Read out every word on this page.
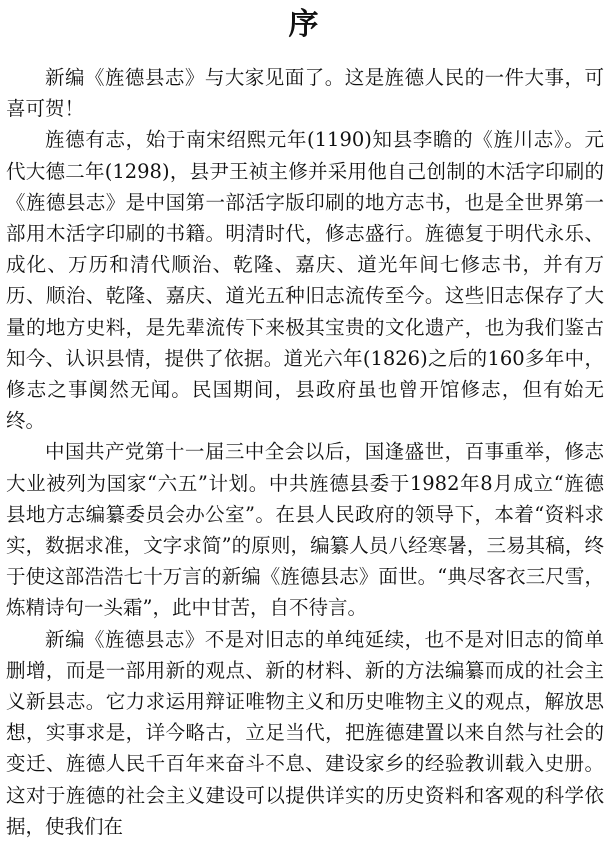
序

新编《旌德县志》与大家见面了。这是旌德人民的一件大事，可喜可贺！

旌德有志，始于南宋绍熙元年(1190)知县李瞻的《旌川志》。元代大德二年(1298)，县尹王祯主修并采用他自己创制的木活字印刷的《旌德县志》是中国第一部活字版印刷的地方志书，也是全世界第一部用木活字印刷的书籍。明清时代，修志盛行。旌德复于明代永乐、成化、万历和清代顺治、乾隆、嘉庆、道光年间七修志书，并有万历、顺治、乾隆、嘉庆、道光五种旧志流传至今。这些旧志保存了大量的地方史料，是先辈流传下来极其宝贵的文化遗产，也为我们鉴古知今、认识县情，提供了依据。道光六年(1826)之后的160多年中，修志之事阒然无闻。民国期间，县政府虽也曾开馆修志，但有始无终。

中国共产党第十一届三中全会以后，国逢盛世，百事重举，修志大业被列为国家“六五”计划。中共旌德县委于1982年8月成立“旌德县地方志编纂委员会办公室”。在县人民政府的领导下，本着“资料求实，数据求准，文字求简”的原则，编纂人员八经寒暑，三易其稿，终于使这部浩浩七十万言的新编《旌德县志》面世。“典尽客衣三尺雪，炼精诗句一头霜”，此中甘苦，自不待言。

新编《旌德县志》不是对旧志的单纯延续，也不是对旧志的简单删增，而是一部用新的观点、新的材料、新的方法编纂而成的社会主义新县志。它力求运用辩证唯物主义和历史唯物主义的观点，解放思想，实事求是，详今略古，立足当代，把旌德建置以来自然与社会的变迁、旌德人民千百年来奋斗不息、建设家乡的经验教训载入史册。这对于旌德的社会主义建设可以提供详实的历史资料和客观的科学依据，使我们在
